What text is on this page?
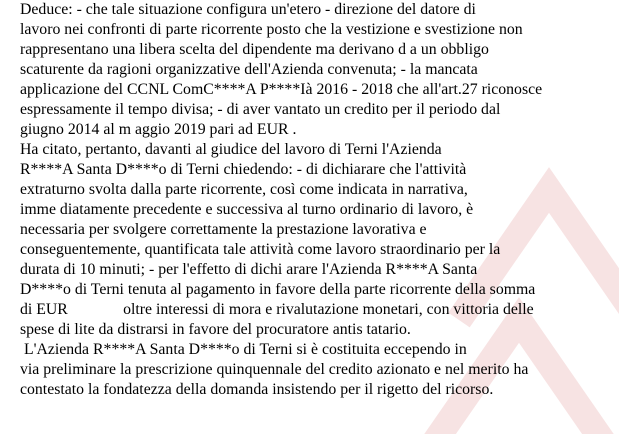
Deduce: - che tale situazione configura un'etero - direzione del datore di
lavoro nei confronti di parte ricorrente posto che la vestizione e svestizione non
rappresentano una libera scelta del dipendente ma derivano d a un obbligo
scaturente da ragioni organizzative dell'Azienda convenuta; - la mancata
applicazione del CCNL ComC****A P****Ià 2016 - 2018 che all'art.27 riconosce
espressamente il tempo divisa; - di aver vantato un credito per il periodo dal
giugno 2014 al m aggio 2019 pari ad EUR .
Ha citato, pertanto, davanti al giudice del lavoro di Terni l'Azienda
R****A Santa D****o di Terni chiedendo: - di dichiarare che l'attività
extraturno svolta dalla parte ricorrente, così come indicata in narrativa,
imme diatamente precedente e successiva al turno ordinario di lavoro, è
necessaria per svolgere correttamente la prestazione lavorativa e
conseguentemente, quantificata tale attività come lavoro straordinario per la
durata di 10 minuti; - per l'effetto di dichi arare l'Azienda R****A Santa
D****o di Terni tenuta al pagamento in favore della parte ricorrente della somma
di EUR              oltre interessi di mora e rivalutazione monetari, con vittoria delle
spese di lite da distrarsi in favore del procuratore antis tatario.
L'Azienda R****A Santa D****o di Terni si è costituita eccependo in
via preliminare la prescrizione quinquennale del credito azionato e nel merito ha
contestato la fondatezza della domanda insistendo per il rigetto del ricorso.
